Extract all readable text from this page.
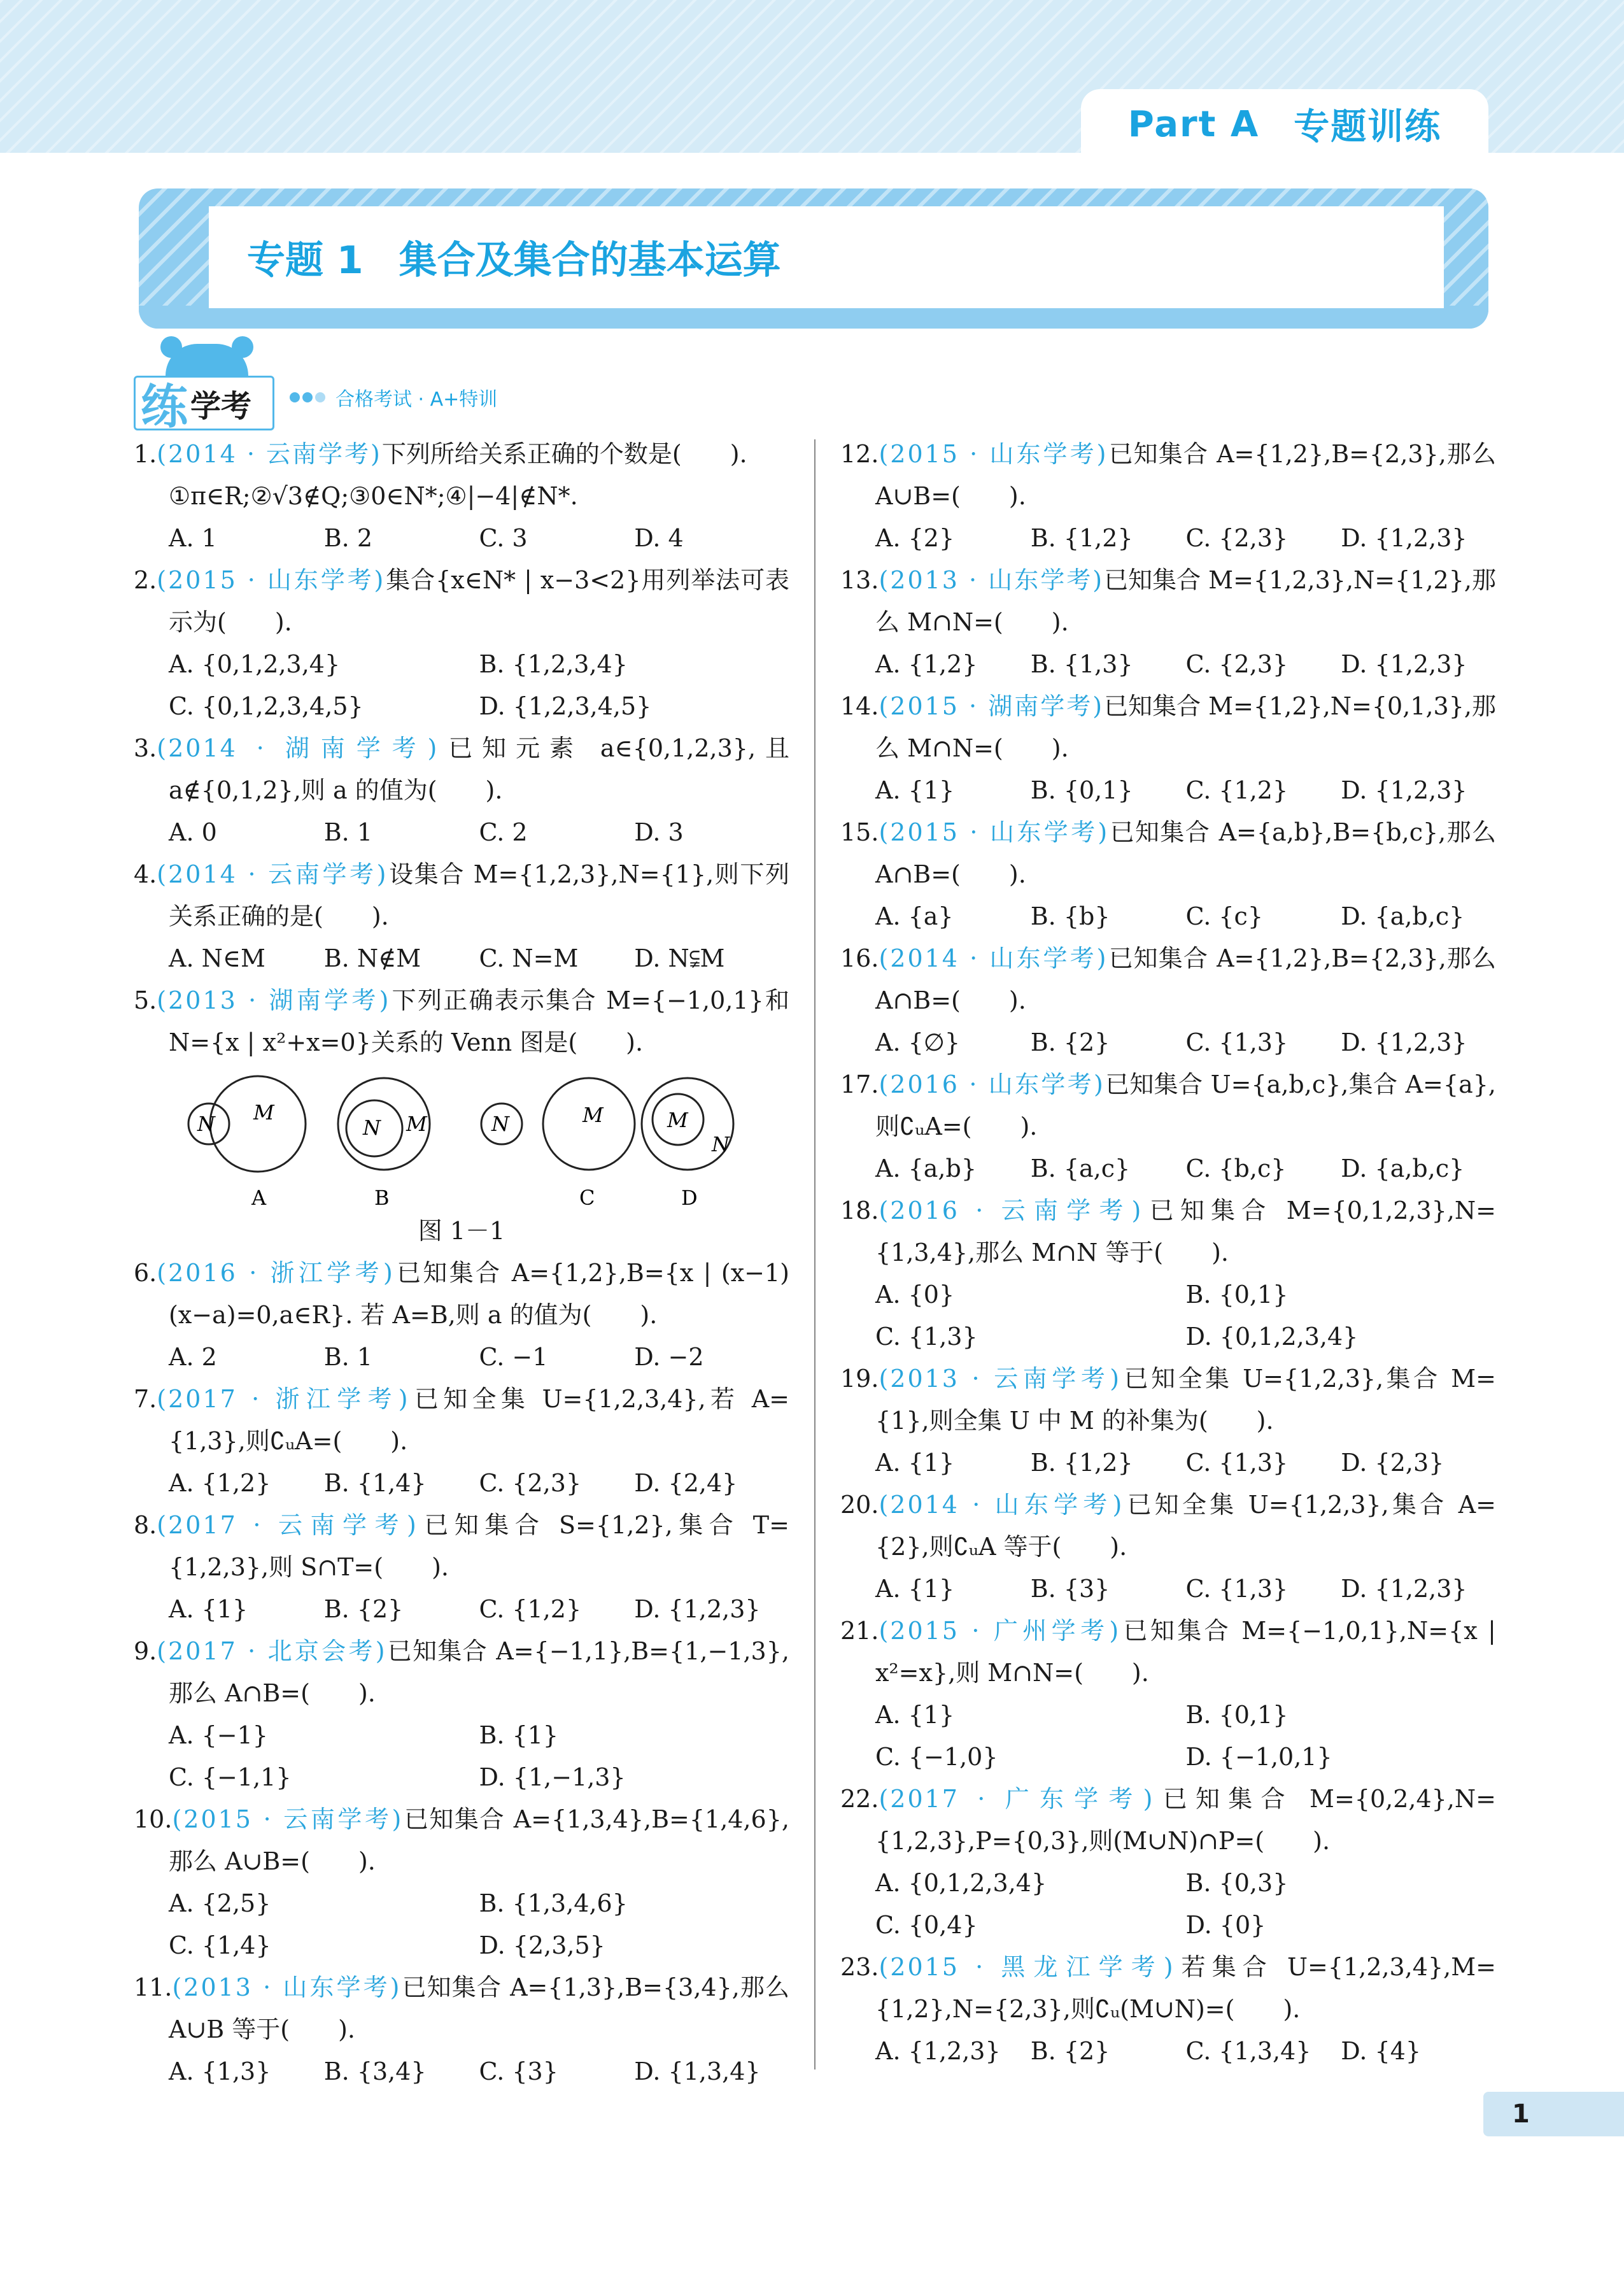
Part A 专题训练
专题 1 集合及集合的基本运算
练 学考	合格考试 · A+特训
1.(2014 · 云南学考)下列所给关系正确的个数是(　　).
①π∈R;②√3∉Q;③0∈N*;④|−4|∉N*.
A. 1	B. 2	C. 3	D. 4
2.(2015 · 山东学考)集合{x∈N* | x−3<2}用列举法可表示为(　　).
A. {0,1,2,3,4}	B. {1,2,3,4}
C. {0,1,2,3,4,5}	D. {1,2,3,4,5}
3.(2014 · 湖南学考)已知元素 a∈{0,1,2,3},且 a∉{0,1,2},则 a 的值为(　　).
A. 0	B. 1	C. 2	D. 3
4.(2014 · 云南学考)设集合 M={1,2,3},N={1},则下列关系正确的是(　　).
A. N∈M	B. N∉M	C. N=M	D. N⫋M
5.(2013 · 湖南学考)下列正确表示集合 M={−1,0,1}和 N={x | x²+x=0}关系的 Venn 图是(　　).
N M
N M	N	M	M
N
A	B	C	D
图 1－1
6.(2016 · 浙江学考)已知集合 A={1,2},B={x | (x−1)(x−a)=0,a∈R}. 若 A=B,则 a 的值为(　　).
A. 2	B. 1	C. −1	D. −2
7.(2017 · 浙江学考)已知全集 U={1,2,3,4},若 A={1,3},则∁ᵤA=(　　).
A. {1,2}	B. {1,4}	C. {2,3}	D. {2,4}
8.(2017 · 云南学考)已知集合 S={1,2},集合 T={1,2,3},则 S∩T=(　　).
A. {1}	B. {2}	C. {1,2}	D. {1,2,3}
9.(2017 · 北京会考)已知集合 A={−1,1},B={1,−1,3},那么 A∩B=(　　).
A. {−1}	B. {1}
C. {−1,1}	D. {1,−1,3}
10.(2015 · 云南学考)已知集合 A={1,3,4},B={1,4,6},那么 A∪B=(　　).
A. {2,5}	B. {1,3,4,6}
C. {1,4}	D. {2,3,5}
11.(2013 · 山东学考)已知集合 A={1,3},B={3,4},那么 A∪B 等于(　　).
A. {1,3}	B. {3,4}	C. {3}	D. {1,3,4}
12.(2015 · 山东学考)已知集合 A={1,2},B={2,3},那么 A∪B=(　　).
A. {2}	B. {1,2}	C. {2,3}	D. {1,2,3}
13.(2013 · 山东学考)已知集合 M={1,2,3},N={1,2},那么 M∩N=(　　).
A. {1,2}	B. {1,3}	C. {2,3}	D. {1,2,3}
14.(2015 · 湖南学考)已知集合 M={1,2},N={0,1,3},那么 M∩N=(　　).
A. {1}	B. {0,1}	C. {1,2}	D. {1,2,3}
15.(2015 · 山东学考)已知集合 A={a,b},B={b,c},那么 A∩B=(　　).
A. {a}	B. {b}	C. {c}	D. {a,b,c}
16.(2014 · 山东学考)已知集合 A={1,2},B={2,3},那么 A∩B=(　　).
A. {∅}	B. {2}	C. {1,3}	D. {1,2,3}
17.(2016 · 山东学考)已知集合 U={a,b,c},集合 A={a},则∁ᵤA=(　　).
A. {a,b}	B. {a,c}	C. {b,c}	D. {a,b,c}
18.(2016 · 云南学考)已知集合 M={0,1,2,3},N={1,3,4},那么 M∩N 等于(　　).
A. {0}	B. {0,1}
C. {1,3}	D. {0,1,2,3,4}
19.(2013 · 云南学考)已知全集 U={1,2,3},集合 M={1},则全集 U 中 M 的补集为(　　).
A. {1}	B. {1,2}	C. {1,3}	D. {2,3}
20.(2014 · 山东学考)已知全集 U={1,2,3},集合 A={2},则∁ᵤA 等于(　　).
A. {1}	B. {3}	C. {1,3}	D. {1,2,3}
21.(2015 · 广州学考)已知集合 M={−1,0,1},N={x | x²=x},则 M∩N=(　　).
A. {1}	B. {0,1}
C. {−1,0}	D. {−1,0,1}
22.(2017 · 广东学考)已知集合 M={0,2,4},N={1,2,3},P={0,3},则(M∪N)∩P=(　　).
A. {0,1,2,3,4}	B. {0,3}
C. {0,4}	D. {0}
23.(2015 · 黑龙江学考)若集合 U={1,2,3,4},M={1,2},N={2,3},则∁ᵤ(M∪N)=(　　).
A. {1,2,3}	B. {2}	C. {1,3,4}	D. {4}
1
